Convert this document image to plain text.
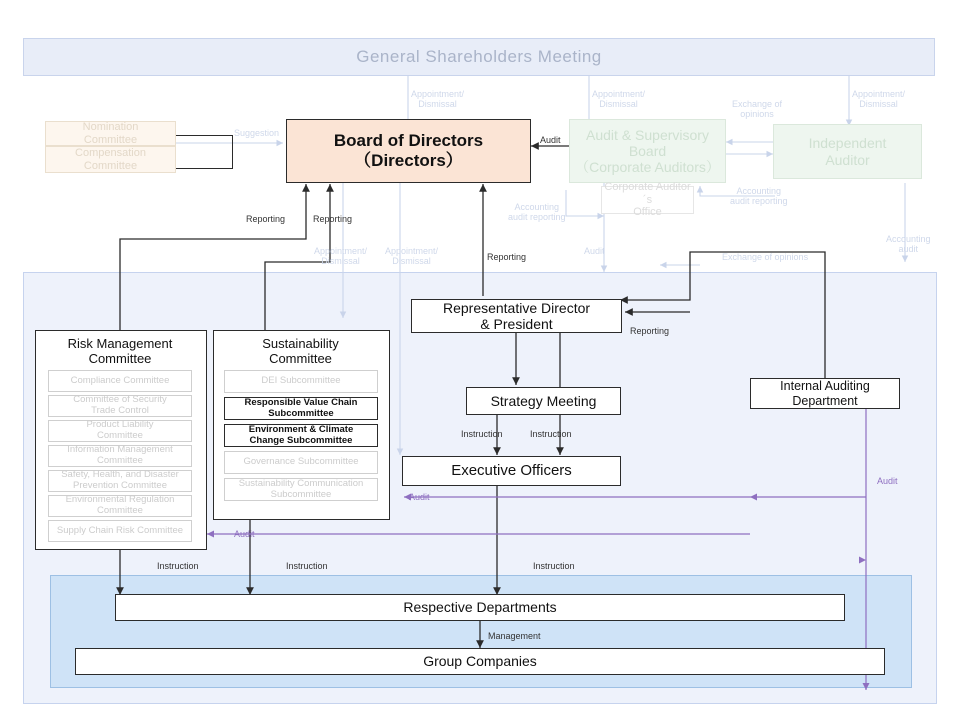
General Shareholders Meeting
Nomination
Committee
Compensation
Committee
Board of Directors
（Directors）
Audit & Supervisory
Board
（Corporate Auditors）
Corporate Auditor´s
Office
Independent
Auditor
Representative Director
& President
Strategy Meeting
Executive Officers
Internal Auditing
Department
Risk Management
Committee
Compliance Committee
Committee of Security
Trade Control
Product Liability
Committee
Information Management
Committee
Safety, Health, and Disaster
Prevention Committee
Environmental Regulation
Committee
Supply Chain Risk Committee
Sustainability
Committee
DEI Subcommittee
Responsible Value Chain
Subcommittee
Environment & Climate
Change Subcommittee
Governance Subcommittee
Sustainability Communication
Subcommittee
Respective Departments
Group Companies
Appointment/
Dismissal
Appointment/
Dismissal
Appointment/
Dismissal
Exchange of
opinions
Suggestion
Audit
Accounting
audit reporting
Accounting
audit reporting
Reporting	Reporting
Appointment/
Dismissal
Appointment/
Dismissal	Reporting
Audit
Exchange of opinions
Accounting
audit
Reporting
Instruction	Instruction
Audit
Audit
Audit
Instruction	Instruction	Instruction
Management
